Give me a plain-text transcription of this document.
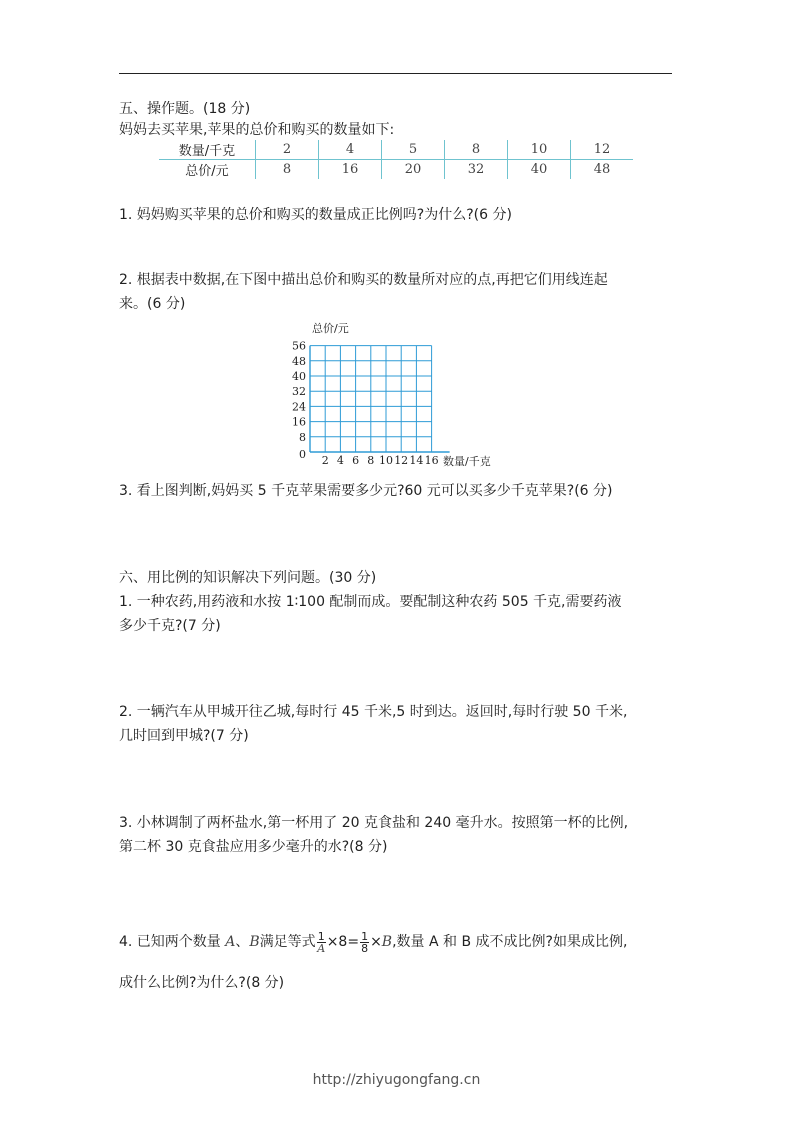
五、操作题。(18 分)
妈妈去买苹果,苹果的总价和购买的数量如下:
数量/千克	2	4	5	8	10	12
总价/元	8	16	20	32	40	48
1. 妈妈购买苹果的总价和购买的数量成正比例吗?为什么?(6 分)
2. 根据表中数据,在下图中描出总价和购买的数量所对应的点,再把它们用线连起
来。(6 分)
总价/元
数量/千克
0 2 4 6 8 10 12 14 16
8
16
24
32
40
48
56
3. 看上图判断,妈妈买 5 千克苹果需要多少元?60 元可以买多少千克苹果?(6 分)
六、用比例的知识解决下列问题。(30 分)
1. 一种农药,用药液和水按 1∶100 配制而成。要配制这种农药 505 千克,需要药液
多少千克?(7 分)
2. 一辆汽车从甲城开往乙城,每时行 45 千米,5 时到达。返回时,每时行驶 50 千米,
几时回到甲城?(7 分)
3. 小林调制了两杯盐水,第一杯用了 20 克食盐和 240 毫升水。按照第一杯的比例,
第二杯 30 克食盐应用多少毫升的水?(8 分)
4. 已知两个数量 A、B满足等式 $\frac{1}{A} \times 8= \frac{1}{8} \times B$,数量 A 和 B 成不成比例?如果成比例,
成什么比例?为什么?(8 分)
http://zhiyugongfang.cn
